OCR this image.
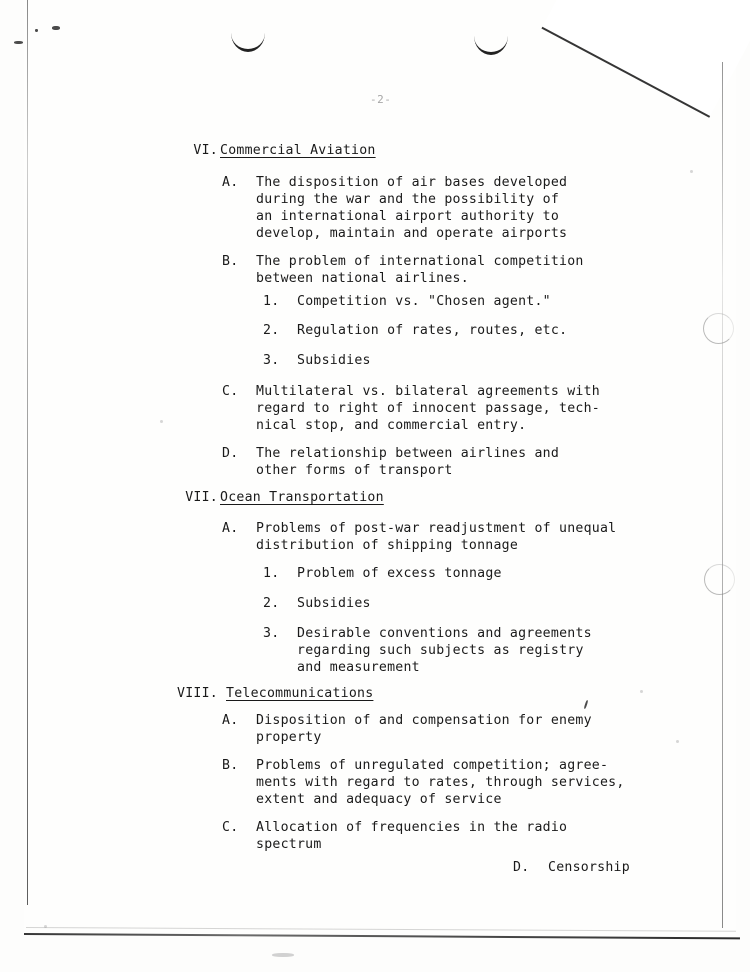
-2-
VI. Commercial Aviation
A. The disposition of air bases developed
during the war and the possibility of
an international airport authority to
develop, maintain and operate airports
B. The problem of international competition
between national airlines.
1. Competition vs. "Chosen agent."
2. Regulation of rates, routes, etc.
3. Subsidies
C. Multilateral vs. bilateral agreements with
regard to right of innocent passage, tech-
nical stop, and commercial entry.
D. The relationship between airlines and
other forms of transport
VII. Ocean Transportation
A. Problems of post-war readjustment of unequal
distribution of shipping tonnage
1. Problem of excess tonnage
2. Subsidies
3. Desirable conventions and agreements
regarding such subjects as registry
and measurement
VIII. Telecommunications
A. Disposition of and compensation for enemy
property
B. Problems of unregulated competition; agree-
ments with regard to rates, through services,
extent and adequacy of service
C. Allocation of frequencies in the radio
spectrum
D. Censorship
